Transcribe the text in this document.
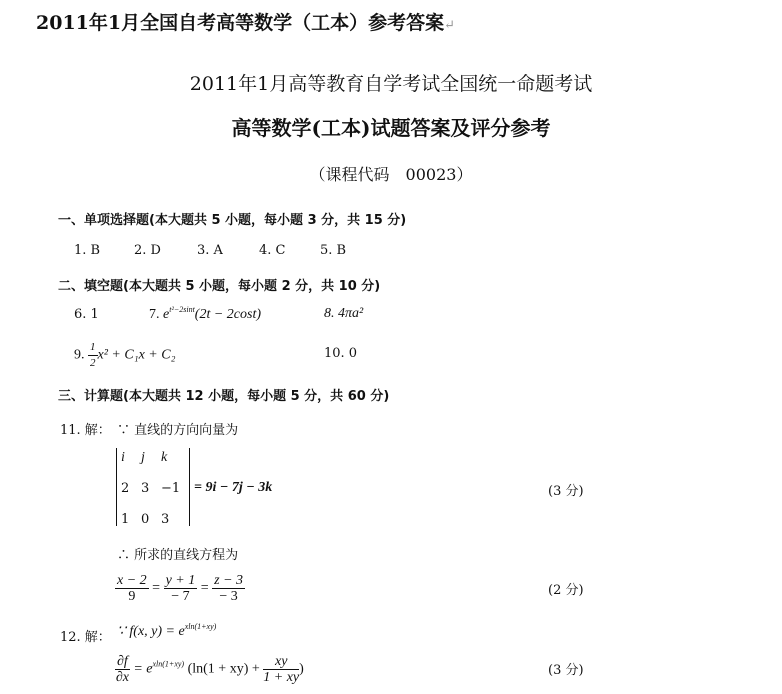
2011年1月全国自考高等数学（工本）参考答案↵
2011年1月高等教育自学考试全国统一命题考试
高等数学(工本)试题答案及评分参考
（课程代码　00023）
一、单项选择题(本大题共 5 小题，每小题 3 分，共 15 分)
1. B	2. D	3. A	4. C	5. B
二、填空题(本大题共 5 小题，每小题 2 分，共 10 分)
6. 1	7. $e^{t^2-2sint}(2t - 2\cos t)$	8. 4πa²
9. $\frac{1}{2} x^2 + C_1x + C_2$	10. 0
三、计算题(本大题共 12 小题，每小题 5 分，共 60 分)
11. 解： ∵ 直线的方向向量为
i j k
2 3 −1
1 0 3
= 9i − 7j − 3k	(3 分)
∴ 所求的直线方程为
$\frac{x - 2}{9} = \frac{y + 1}{- 7} = \frac{z - 3}{- 3}$	(2 分)
12. 解： ∵ f(x, $y) = e^{xln(1+xy)}$
$\frac{\partial f}{\partial x} = e^{xln(1+xy)}$ ($\ln(1 + xy) + \frac{xy}{1 + xy}$ )	(3 分)
